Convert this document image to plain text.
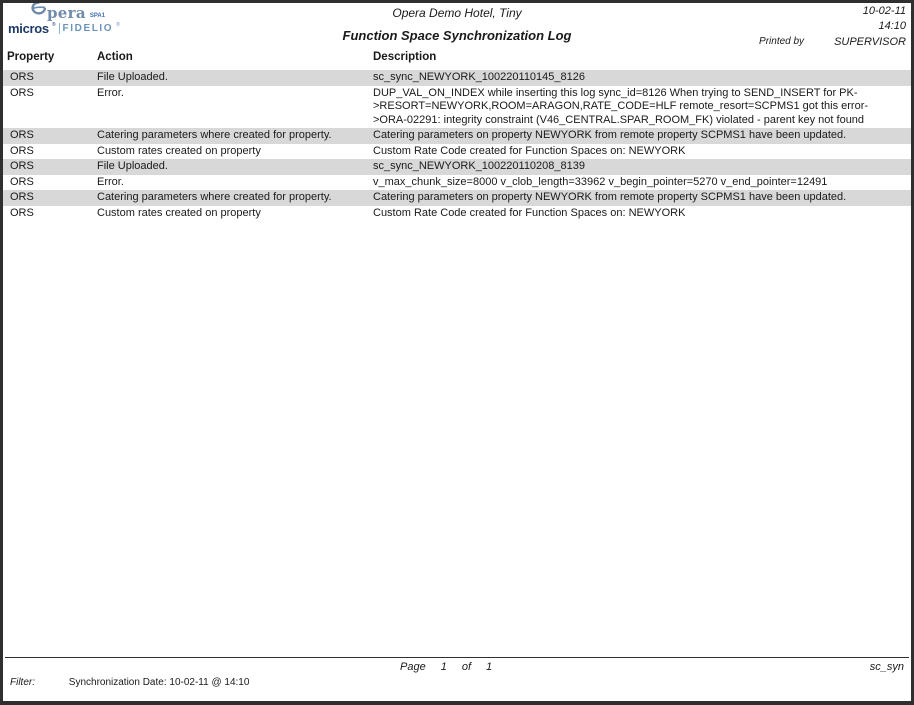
pera SPA1
micros ® FIDELIO ®
Opera Demo Hotel, Tiny
Function Space Synchronization Log
10-02-11
14:10
Printed by	SUPERVISOR
Property	Action	Description
ORS	File Uploaded.	sc_sync_NEWYORK_100220110145_8126
ORS	Error.	DUP_VAL_ON_INDEX while inserting this log sync_id=8126 When trying to SEND_INSERT for PK-
>RESORT=NEWYORK,ROOM=ARAGON,RATE_CODE=HLF remote_resort=SCPMS1 got this error-
>ORA-02291: integrity constraint (V46_CENTRAL.SPAR_ROOM_FK) violated - parent key not found
ORS	Catering parameters where created for property.	Catering parameters on property NEWYORK from remote property SCPMS1 have been updated.
ORS	Custom rates created on property	Custom Rate Code created for Function Spaces on: NEWYORK
ORS	File Uploaded.	sc_sync_NEWYORK_100220110208_8139
ORS	Error.	v_max_chunk_size=8000 v_clob_length=33962 v_begin_pointer=5270 v_end_pointer=12491
ORS	Catering parameters where created for property.	Catering parameters on property NEWYORK from remote property SCPMS1 have been updated.
ORS	Custom rates created on property	Custom Rate Code created for Function Spaces on: NEWYORK
Page 1 of 1	sc_syn
Filter:	Synchronization Date: 10-02-11 @ 14:10
